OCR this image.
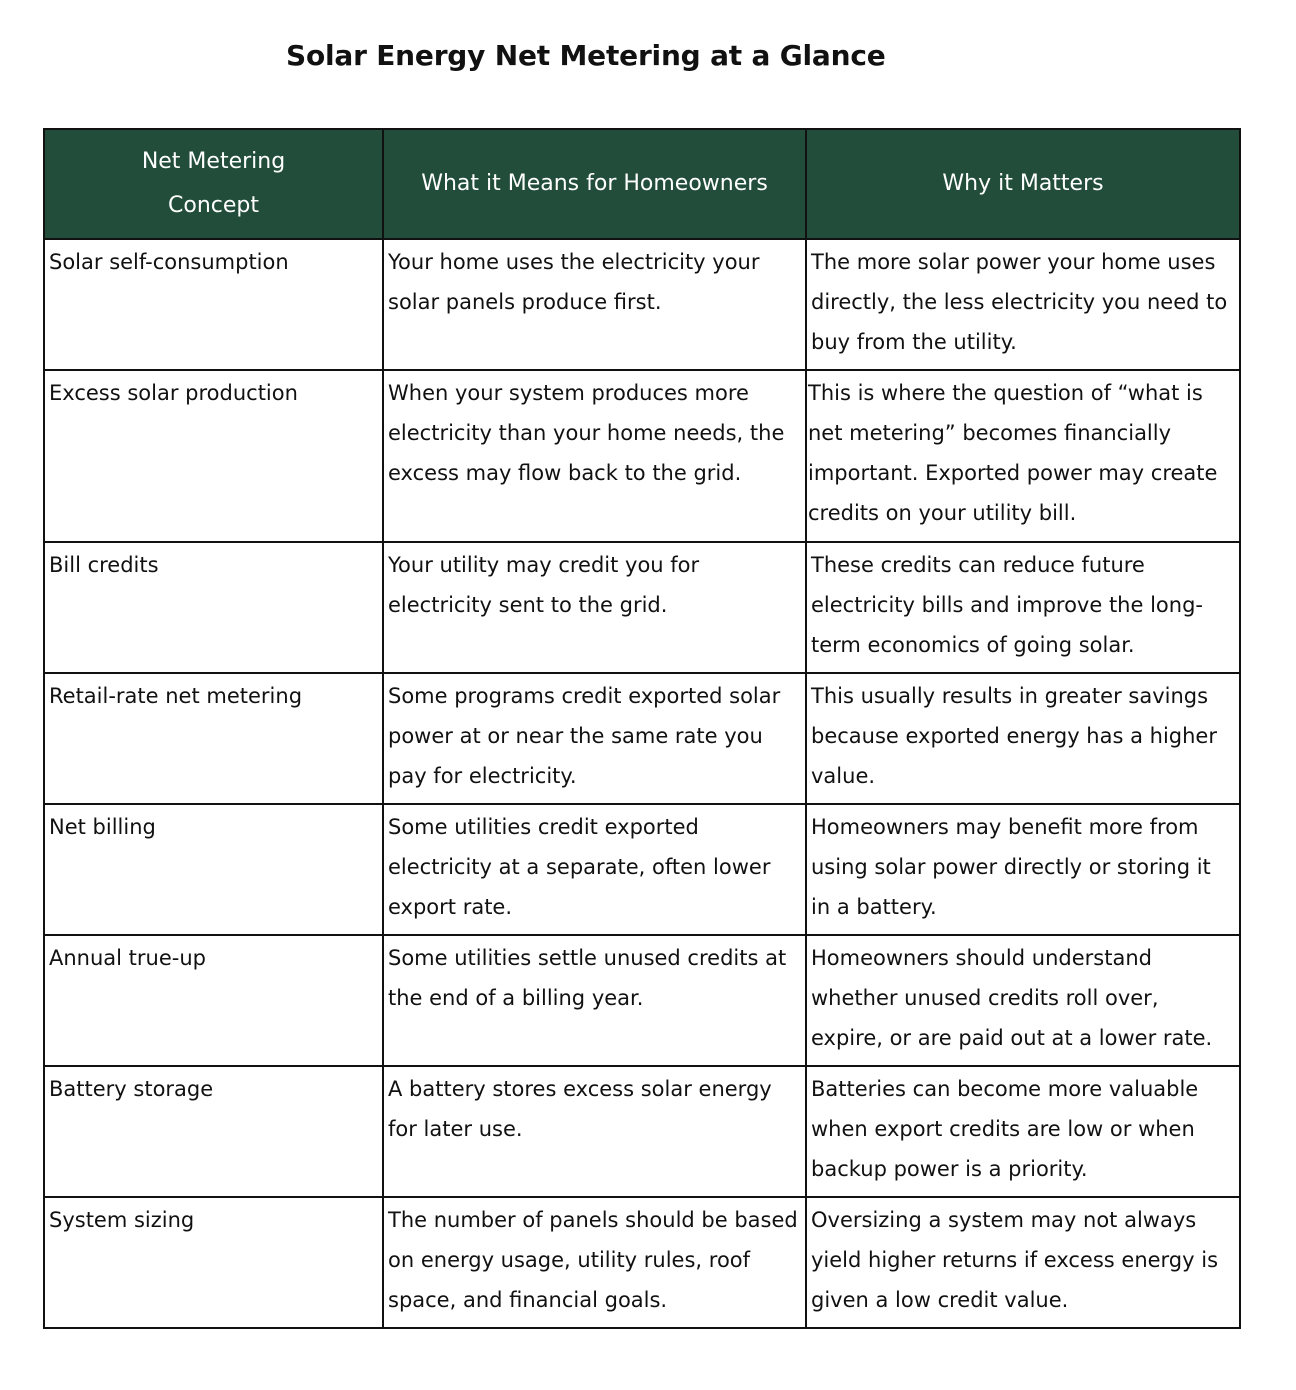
Solar Energy Net Metering at a Glance
Net Metering Concept	What it Means for Homeowners	Why it Matters
Solar self-consumption	Your home uses the electricity your solar panels produce first.	The more solar power your home uses directly, the less electricity you need to buy from the utility.
Excess solar production	When your system produces more electricity than your home needs, the excess may flow back to the grid.	This is where the question of “what is net metering” becomes financially important. Exported power may create credits on your utility bill.
Bill credits	Your utility may credit you for electricity sent to the grid.	These credits can reduce future electricity bills and improve the long-term economics of going solar.
Retail-rate net metering	Some programs credit exported solar power at or near the same rate you pay for electricity.	This usually results in greater savings because exported energy has a higher value.
Net billing	Some utilities credit exported electricity at a separate, often lower export rate.	Homeowners may benefit more from using solar power directly or storing it in a battery.
Annual true-up	Some utilities settle unused credits at the end of a billing year.	Homeowners should understand whether unused credits roll over, expire, or are paid out at a lower rate.
Battery storage	A battery stores excess solar energy for later use.	Batteries can become more valuable when export credits are low or when backup power is a priority.
System sizing	The number of panels should be based on energy usage, utility rules, roof space, and financial goals.	Oversizing a system may not always yield higher returns if excess energy is given a low credit value.
